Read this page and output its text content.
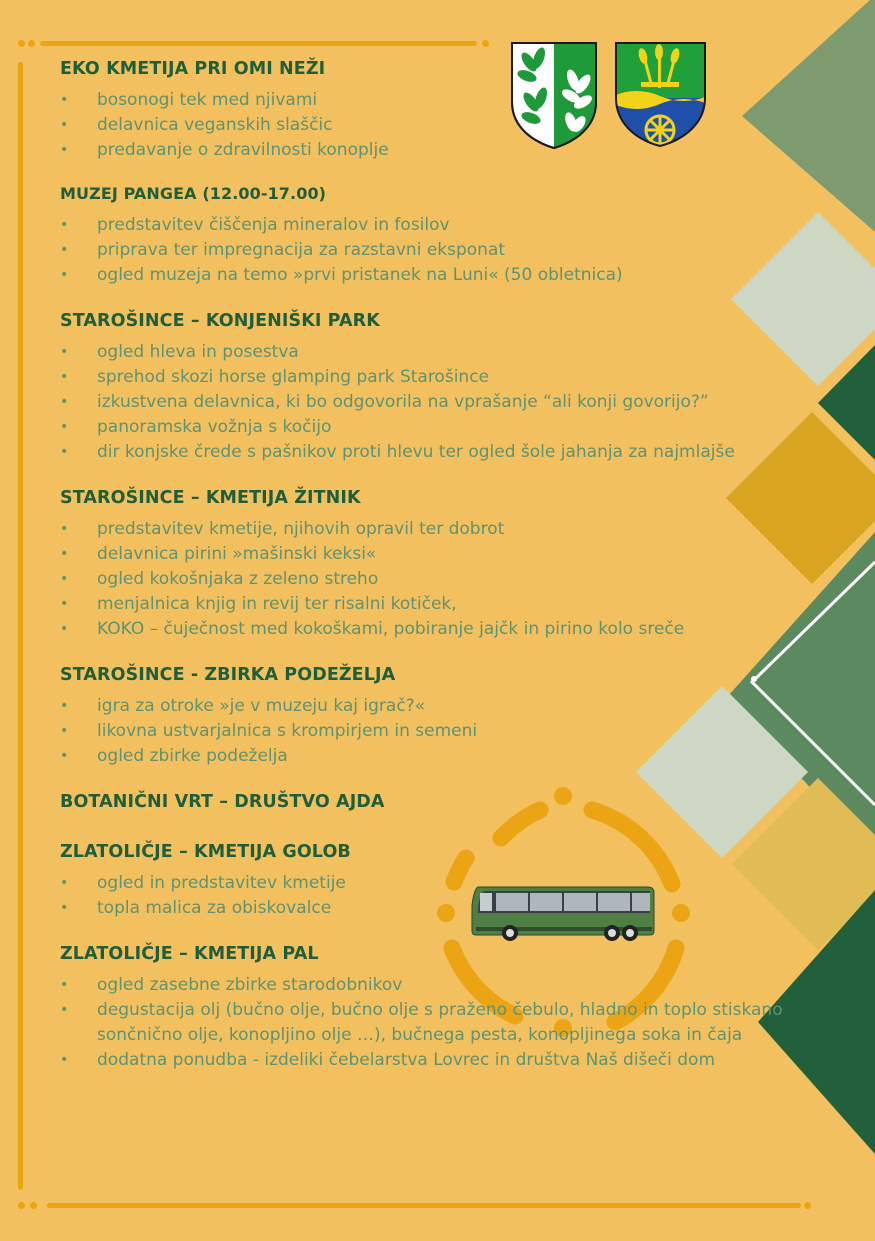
EKO KMETIJA PRI OMI NEŽI
• bosonogi tek med njivami
• delavnica veganskih slaščic
• predavanje o zdravilnosti konoplje
MUZEJ PANGEA (12.00-17.00)
• predstavitev čiščenja mineralov in fosilov
• priprava ter impregnacija za razstavni eksponat
• ogled muzeja na temo »prvi pristanek na Luni« (50 obletnica)
STAROŠINCE – KONJENIŠKI PARK
• ogled hleva in posestva
• sprehod skozi horse glamping park Starošince
• izkustvena delavnica, ki bo odgovorila na vprašanje “ali konji govorijo?”
• panoramska vožnja s kočijo
• dir konjske črede s pašnikov proti hlevu ter ogled šole jahanja za najmlajše
STAROŠINCE – KMETIJA ŽITNIK
• predstavitev kmetije, njihovih opravil ter dobrot
• delavnica pirini »mašinski keksi«
• ogled kokošnjaka z zeleno streho
• menjalnica knjig in revij ter risalni kotiček,
• KOKO – čuječnost med kokoškami, pobiranje jajčk in pirino kolo sreče
STAROŠINCE - ZBIRKA PODEŽELJA
• igra za otroke »je v muzeju kaj igrač?«
• likovna ustvarjalnica s krompirjem in semeni
• ogled zbirke podeželja
BOTANIČNI VRT – DRUŠTVO AJDA
ZLATOLIČJE – KMETIJA GOLOB
• ogled in predstavitev kmetije
• topla malica za obiskovalce
ZLATOLIČJE – KMETIJA PAL
• ogled zasebne zbirke starodobnikov
• degustacija olj (bučno olje, bučno olje s praženo čebulo, hladno in toplo stiskano sončnično olje, konopljino olje …), bučnega pesta, konopljinega soka in čaja
• dodatna ponudba - izdeliki čebelarstva Lovrec in društva Naš dišeči dom
